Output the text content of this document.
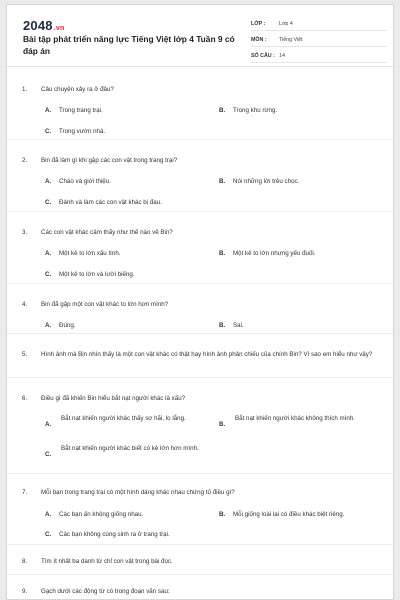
2048.vn
Bài tập phát triển năng lực Tiếng Việt lớp 4 Tuần 9 có đáp án
LỚP :	Lớp 4
MÔN :	Tiếng Việt
SỐ CÂU : 14
1. Câu chuyện xảy ra ở đâu?
A. Trong trang trại.	B. Trong khu rừng.
C. Trong vườn nhà.
2. Bin đã làm gì khi gặp các con vật trong trang trại?
A. Chào và giới thiệu.	B. Nói những lời trêu chọc.
C. Đánh và làm các con vật khác bị đau.
3. Các con vật khác cảm thấy như thế nào về Bin?
A. Một kẻ to lớn xấu tính.	B. Một kẻ to lớn nhưng yếu đuối.
C. Một kẻ to lớn và lười biếng.
4. Bin đã gặp một con vật khác to lớn hơn mình?
A. Đúng.	B. Sai.
5. Hình ảnh mà Bin nhìn thấy là một con vật khác có thật hay hình ảnh phản chiếu của chính Bin? Vì sao em hiểu như vậy?
6. Điều gì đã khiến Bin hiểu bắt nạt người khác là xấu?
A.
Bắt nạt khiến người khác thấy sợ hãi, lo lắng.
B.
Bắt nạt khiến người khác không thích mình.
C.
Bắt nạt khiến người khác biết có kẻ lớn hơn mình.
7. Mỗi bạn trong trang trại có một hình dáng khác nhau chứng tỏ điều gì?
A. Các bạn ấn không giống nhau.	B. Mỗi giống loài lại có điều khác biệt riêng.
C. Các bạn không cùng sinh ra ở trang trại.
8. Tìm ít nhất ba danh từ chỉ con vật trong bài đọc.
9. Gạch dưới các động từ có trong đoạn văn sau:
